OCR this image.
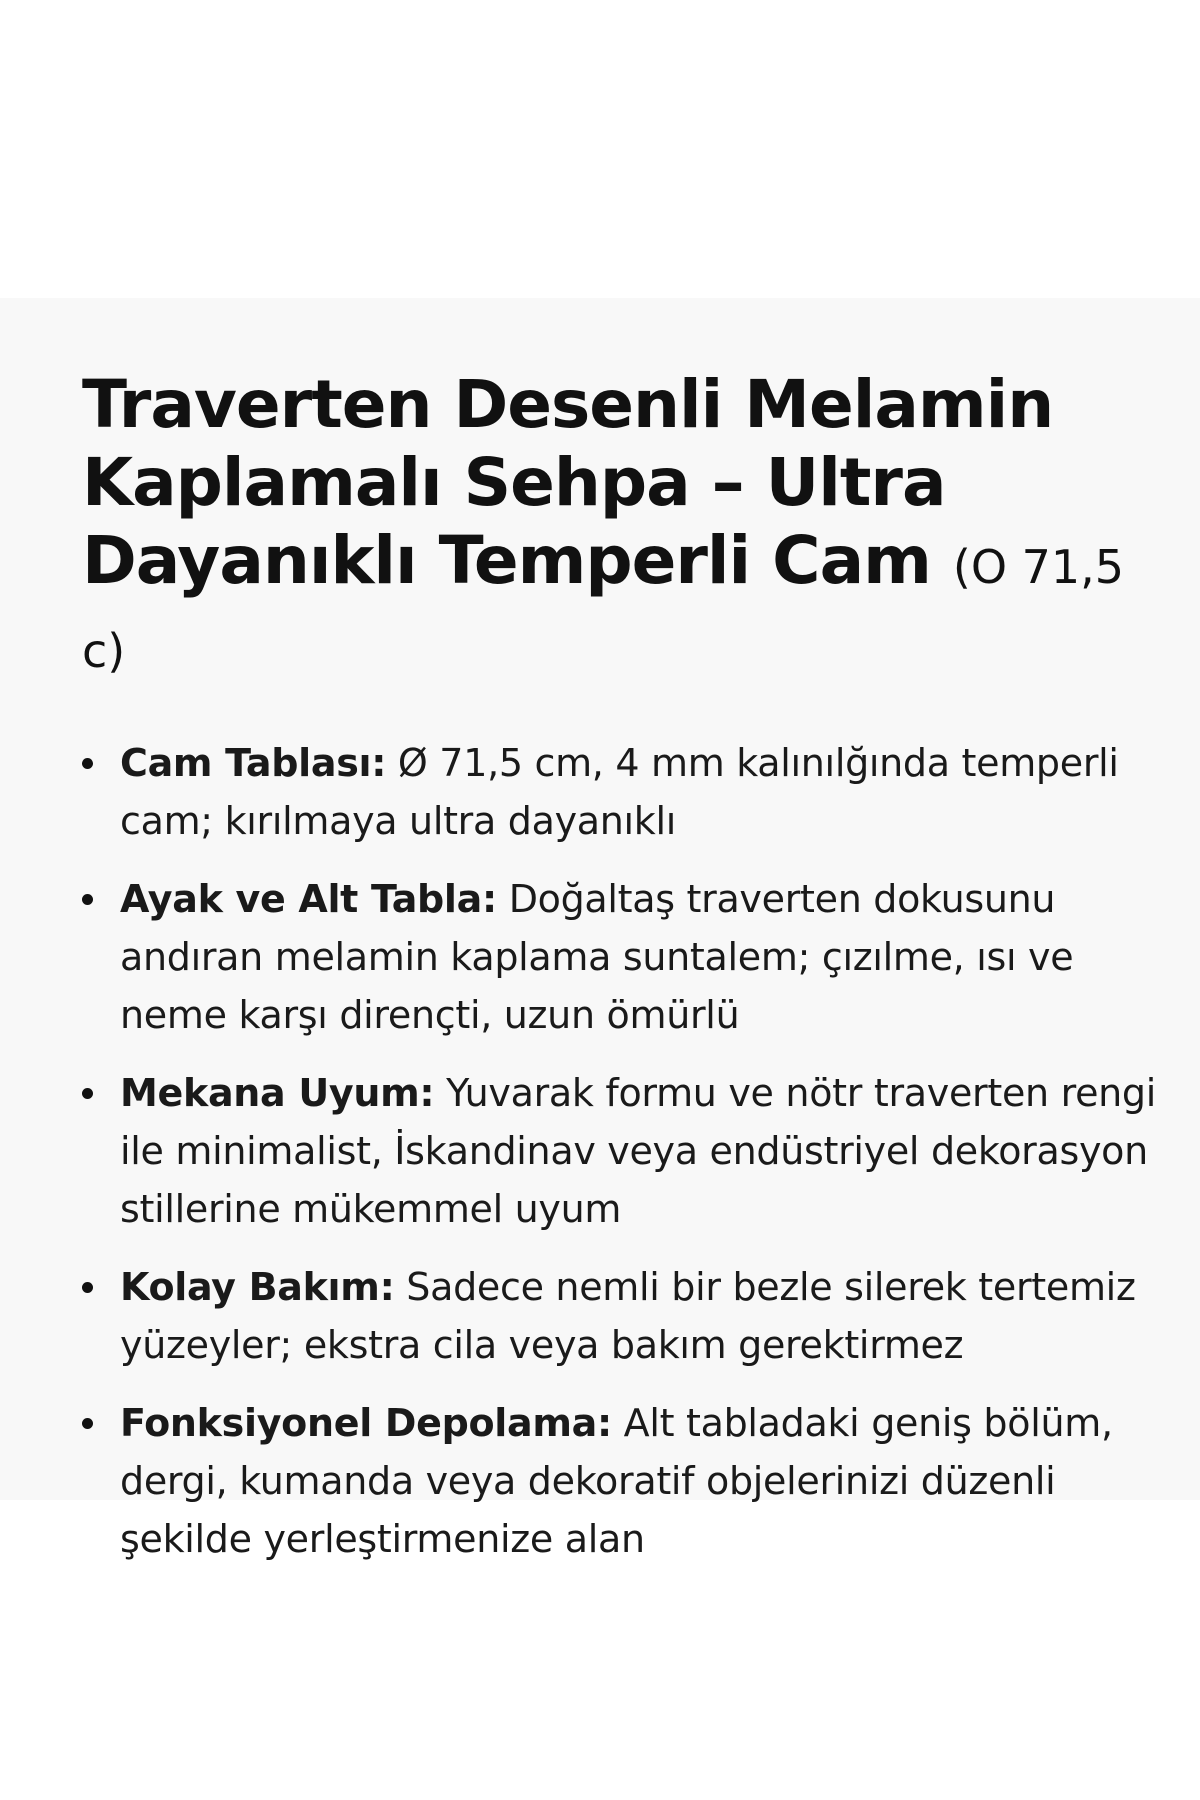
Traverten Desenli Melamin Kaplamalı Sehpa – Ultra Dayanıklı Temperli Cam (O 71,5 c)
Cam Tablası: Ø 71,5 cm, 4 mm kalınılğında temperli cam; kırılmaya ultra dayanıklı
Ayak ve Alt Tabla: Doğaltaş traverten dokusunu andıran melamin kaplama suntalem; çızılme, ısı ve neme karşı dirençti, uzun ömürlü
Mekana Uyum: Yuvarak formu ve nötr traverten rengi ile minimalist, İskandinav veya endüstriyel dekorasyon stillerine mükemmel uyum
Kolay Bakım: Sadece nemli bir bezle silerek tertemiz yüzeyler; ekstra cila veya bakım gerektirmez
Fonksiyonel Depolama: Alt tabladaki geniş bölüm, dergi, kumanda veya dekoratif objelerinizi düzenli şekilde yerleştirmenize alan
